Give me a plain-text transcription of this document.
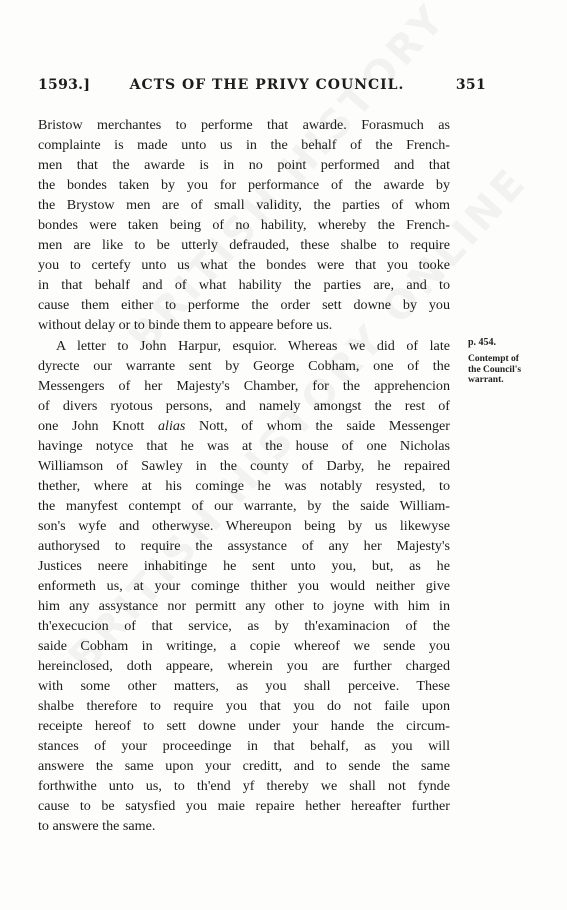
1593.]	ACTS OF THE PRIVY COUNCIL.	351
Bristow merchantes to performe that awarde. Forasmuch as
complainte is made unto us in the behalf of the French-
men that the awarde is in no point performed and that
the bondes taken by you for performance of the awarde by
the Brystow men are of small validity, the parties of whom
bondes were taken being of no hability, whereby the French-
men are like to be utterly defrauded, these shalbe to require
you to certefy unto us what the bondes were that you tooke
in that behalf and of what hability the parties are, and to
cause them either to performe the order sett downe by you
without delay or to binde them to appeare before us.
A letter to John Harpur, esquior. Whereas we did of late
dyrecte our warrante sent by George Cobham, one of the
Messengers of her Majesty's Chamber, for the apprehencion
of divers ryotous persons, and namely amongst the rest of
one John Knott alias Nott, of whom the saide Messenger
havinge notyce that he was at the house of one Nicholas
Williamson of Sawley in the county of Darby, he repaired
thether, where at his cominge he was notably resysted, to
the manyfest contempt of our warrante, by the saide William-
son's wyfe and otherwyse. Whereupon being by us likewyse
authorysed to require the assystance of any her Majesty's
Justices neere inhabitinge he sent unto you, but, as he
enformeth us, at your cominge thither you would neither give
him any assystance nor permitt any other to joyne with him in
th'execucion of that service, as by th'examinacion of the
saide Cobham in writinge, a copie whereof we sende you
hereinclosed, doth appeare, wherein you are further charged
with some other matters, as you shall perceive. These
shalbe therefore to require you that you do not faile upon
receipte hereof to sett downe under your hande the circum-
stances of your proceedinge in that behalf, as you will
answere the same upon your creditt, and to sende the same
forthwithe unto us, to th'end yf thereby we shall not fynde
cause to be satysfied you maie repaire hether hereafter further
to answere the same.
p. 454.
Contempt of
the Council's
warrant.
